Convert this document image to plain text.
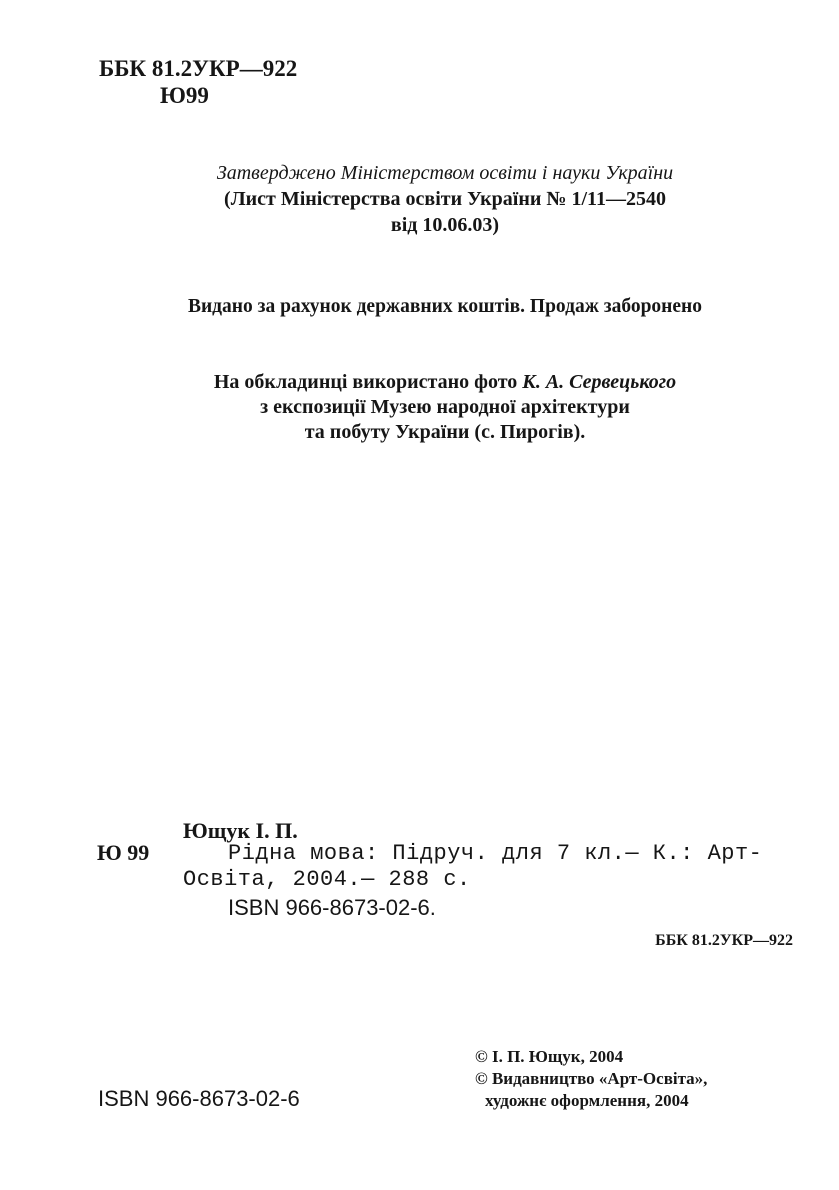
ББК 81.2УКР—922
Ю99
Затверджено Міністерством освіти і науки України
(Лист Міністерства освіти України № 1/11—2540
від 10.06.03)
Видано за рахунок державних коштів. Продаж заборонено
На обкладинці використано фото К. А. Сервецького
з експозиції Музею народної архітектури
та побуту України (с. Пирогів).
Ющук І. П.
Ю 99	Рідна мова: Підруч. для 7 кл.— К.: Арт-
Освіта, 2004.— 288 с.
ISBN 966-8673-02-6.
ББК 81.2УКР—922
ISBN 966-8673-02-6
© І. П. Ющук, 2004
© Видавництво «Арт-Освіта»,
художнє оформлення, 2004
